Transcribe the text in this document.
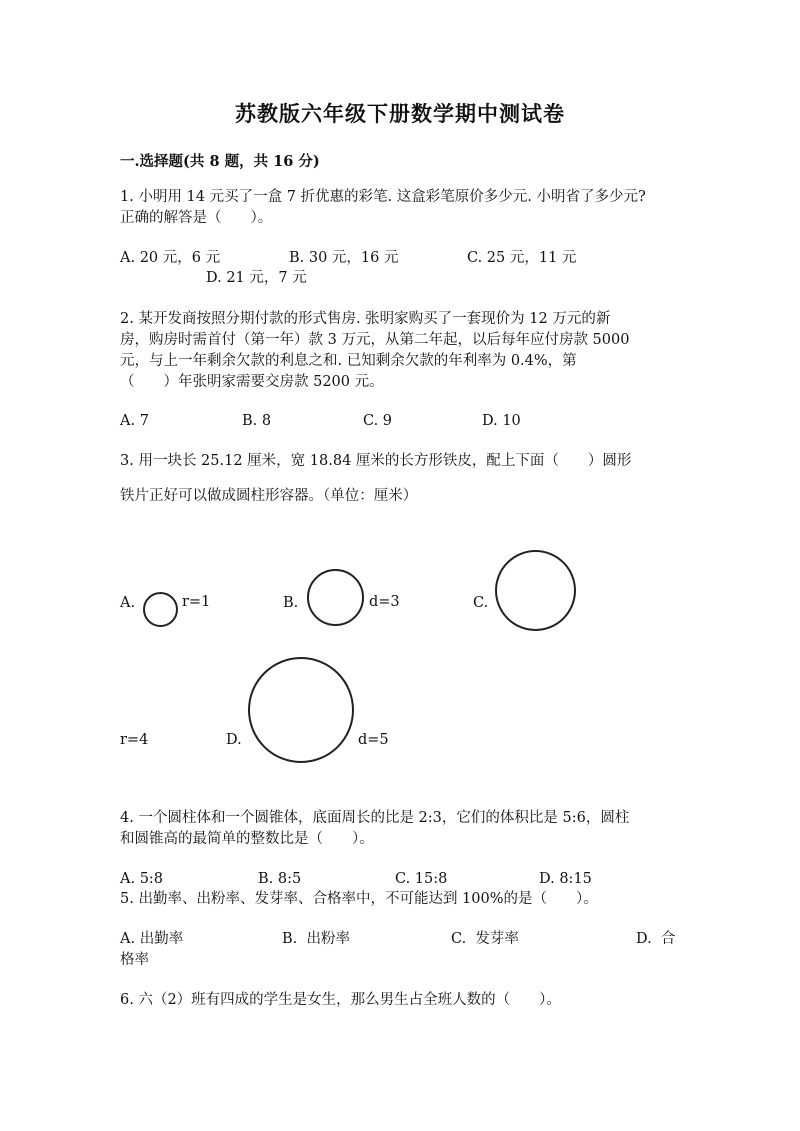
苏教版六年级下册数学期中测试卷
一.选择题(共 8 题，共 16 分)
1. 小明用 14 元买了一盒 7 折优惠的彩笔. 这盒彩笔原价多少元. 小明省了多少元?
正确的解答是（　　）。
A. 20 元，6 元	B. 30 元，16 元	C. 25 元，11 元
D. 21 元，7 元
2. 某开发商按照分期付款的形式售房. 张明家购买了一套现价为 12 万元的新
房，购房时需首付（第一年）款 3 万元，从第二年起，以后每年应付房款 5000
元，与上一年剩余欠款的利息之和. 已知剩余欠款的年利率为 0.4%，第
（　　）年张明家需要交房款 5200 元。
A. 7	B. 8	C. 9	D. 10
3. 用一块长 25.12 厘米，宽 18.84 厘米的长方形铁皮，配上下面（　　）圆形
铁片正好可以做成圆柱形容器。（单位：厘米）
A.	r=1	B.	d=3	C.
r=4	D.	d=5
4. 一个圆柱体和一个圆锥体，底面周长的比是 2:3，它们的体积比是 5:6，圆柱
和圆锥高的最简单的整数比是（　　）。
A. 5:8	B. 8:5	C. 15:8	D. 8:15
5. 出勤率、出粉率、发芽率、合格率中，不可能达到 100%的是（　　）。
A. 出勤率	B.  出粉率	C.  发芽率	D.  合
格率
6. 六（2）班有四成的学生是女生，那么男生占全班人数的（　　）。
